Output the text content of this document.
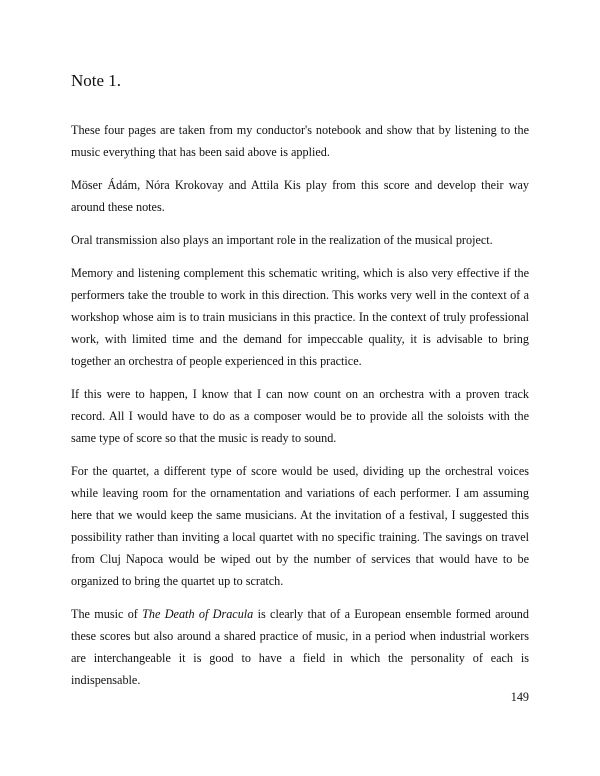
Note 1.

These four pages are taken from my conductor's notebook and show that by listening to the music everything that has been said above is applied.

Möser Ádám, Nóra Krokovay and Attila Kis play from this score and develop their way around these notes.

Oral transmission also plays an important role in the realization of the musical project.

Memory and listening complement this schematic writing, which is also very effective if the performers take the trouble to work in this direction. This works very well in the context of a workshop whose aim is to train musicians in this practice. In the context of truly professional work, with limited time and the demand for impeccable quality, it is advisable to bring together an orchestra of people experienced in this practice.

If this were to happen, I know that I can now count on an orchestra with a proven track record. All I would have to do as a composer would be to provide all the soloists with the same type of score so that the music is ready to sound.

For the quartet, a different type of score would be used, dividing up the orchestral voices while leaving room for the ornamentation and variations of each performer. I am assuming here that we would keep the same musicians. At the invitation of a festival, I suggested this possibility rather than inviting a local quartet with no specific training. The savings on travel from Cluj Napoca would be wiped out by the number of services that would have to be organized to bring the quartet up to scratch.

The music of The Death of Dracula is clearly that of a European ensemble formed around these scores but also around a shared practice of music, in a period when industrial workers are interchangeable it is good to have a field in which the personality of each is indispensable.

149
